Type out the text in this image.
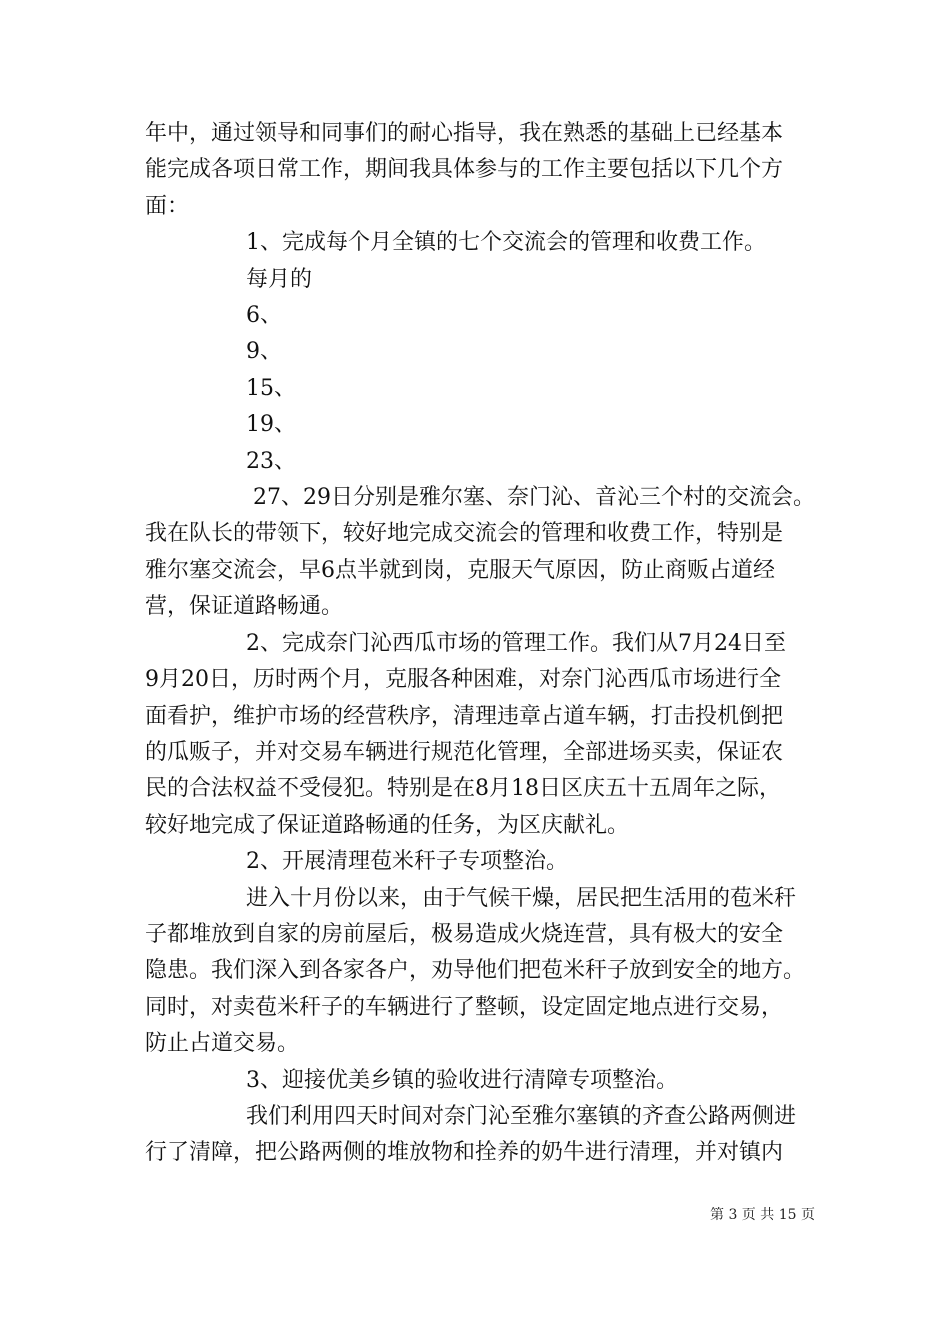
年中，通过领导和同事们的耐心指导，我在熟悉的基础上已经基本

能完成各项日常工作，期间我具体参与的工作主要包括以下几个方

面：

1、完成每个月全镇的七个交流会的管理和收费工作。

每月的

6、

9、

15、

19、

23、

27、29日分别是雅尔塞、奈门沁、音沁三个村的交流会。

我在队长的带领下，较好地完成交流会的管理和收费工作，特别是

雅尔塞交流会，早6点半就到岗，克服天气原因，防止商贩占道经

营，保证道路畅通。

2、完成奈门沁西瓜市场的管理工作。我们从7月24日至

9月20日，历时两个月，克服各种困难，对奈门沁西瓜市场进行全

面看护，维护市场的经营秩序，清理违章占道车辆，打击投机倒把

的瓜贩子，并对交易车辆进行规范化管理，全部进场买卖，保证农

民的合法权益不受侵犯。特别是在8月18日区庆五十五周年之际，

较好地完成了保证道路畅通的任务，为区庆献礼。

2、开展清理苞米秆子专项整治。

进入十月份以来，由于气候干燥，居民把生活用的苞米秆

子都堆放到自家的房前屋后，极易造成火烧连营，具有极大的安全

隐患。我们深入到各家各户，劝导他们把苞米秆子放到安全的地方。

同时，对卖苞米秆子的车辆进行了整顿，设定固定地点进行交易，

防止占道交易。

3、迎接优美乡镇的验收进行清障专项整治。

我们利用四天时间对奈门沁至雅尔塞镇的齐查公路两侧进

行了清障，把公路两侧的堆放物和拴养的奶牛进行清理，并对镇内

第 3 页 共 15 页
